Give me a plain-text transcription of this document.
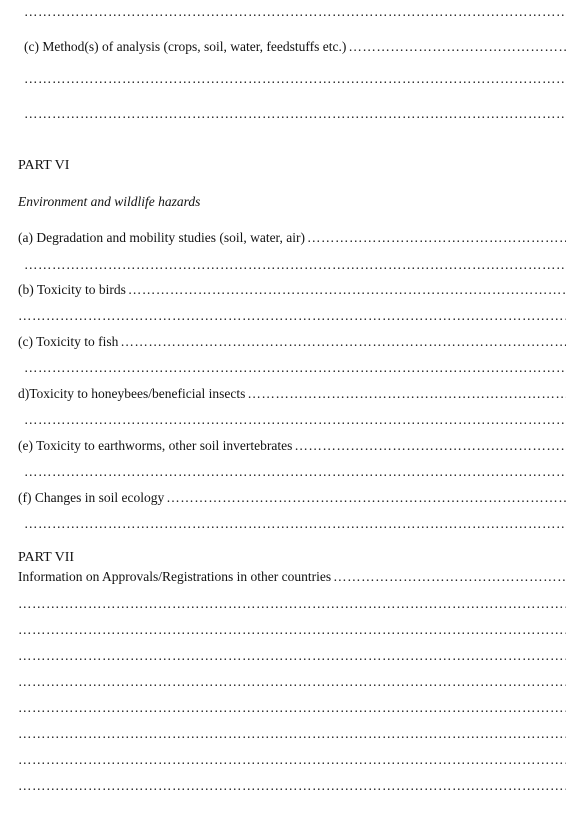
……………………………………………………………………………………………………………………………………………………………………………………
(c) Method(s) of analysis (crops, soil, water, feedstuffs etc.)
……………………………………………………………………………………………………………………………………………………………………………………
……………………………………………………………………………………………………………………………………………………………………………………
……………………………………………………………………………………………………………………………………………………………………………………
PART VI
Environment and wildlife hazards
(a) Degradation and mobility studies (soil, water, air)
……………………………………………………………………………………………………………………………………………………………………………………
……………………………………………………………………………………………………………………………………………………………………………………
(b) Toxicity to birds
……………………………………………………………………………………………………………………………………………………………………………………
……………………………………………………………………………………………………………………………………………………………………………………
(c) Toxicity to fish
……………………………………………………………………………………………………………………………………………………………………………………
……………………………………………………………………………………………………………………………………………………………………………………
d)Toxicity to honeybees/beneficial insects
……………………………………………………………………………………………………………………………………………………………………………………
……………………………………………………………………………………………………………………………………………………………………………………
(e) Toxicity to earthworms, other soil invertebrates
……………………………………………………………………………………………………………………………………………………………………………………
……………………………………………………………………………………………………………………………………………………………………………………
(f) Changes in soil ecology
……………………………………………………………………………………………………………………………………………………………………………………
……………………………………………………………………………………………………………………………………………………………………………………
PART VII
Information on Approvals/Registrations in other countries
……………………………………………………………………………………………………………………………………………………………………………………
……………………………………………………………………………………………………………………………………………………………………………………
……………………………………………………………………………………………………………………………………………………………………………………
……………………………………………………………………………………………………………………………………………………………………………………
……………………………………………………………………………………………………………………………………………………………………………………
……………………………………………………………………………………………………………………………………………………………………………………
……………………………………………………………………………………………………………………………………………………………………………………
……………………………………………………………………………………………………………………………………………………………………………………
……………………………………………………………………………………………………………………………………………………………………………………
